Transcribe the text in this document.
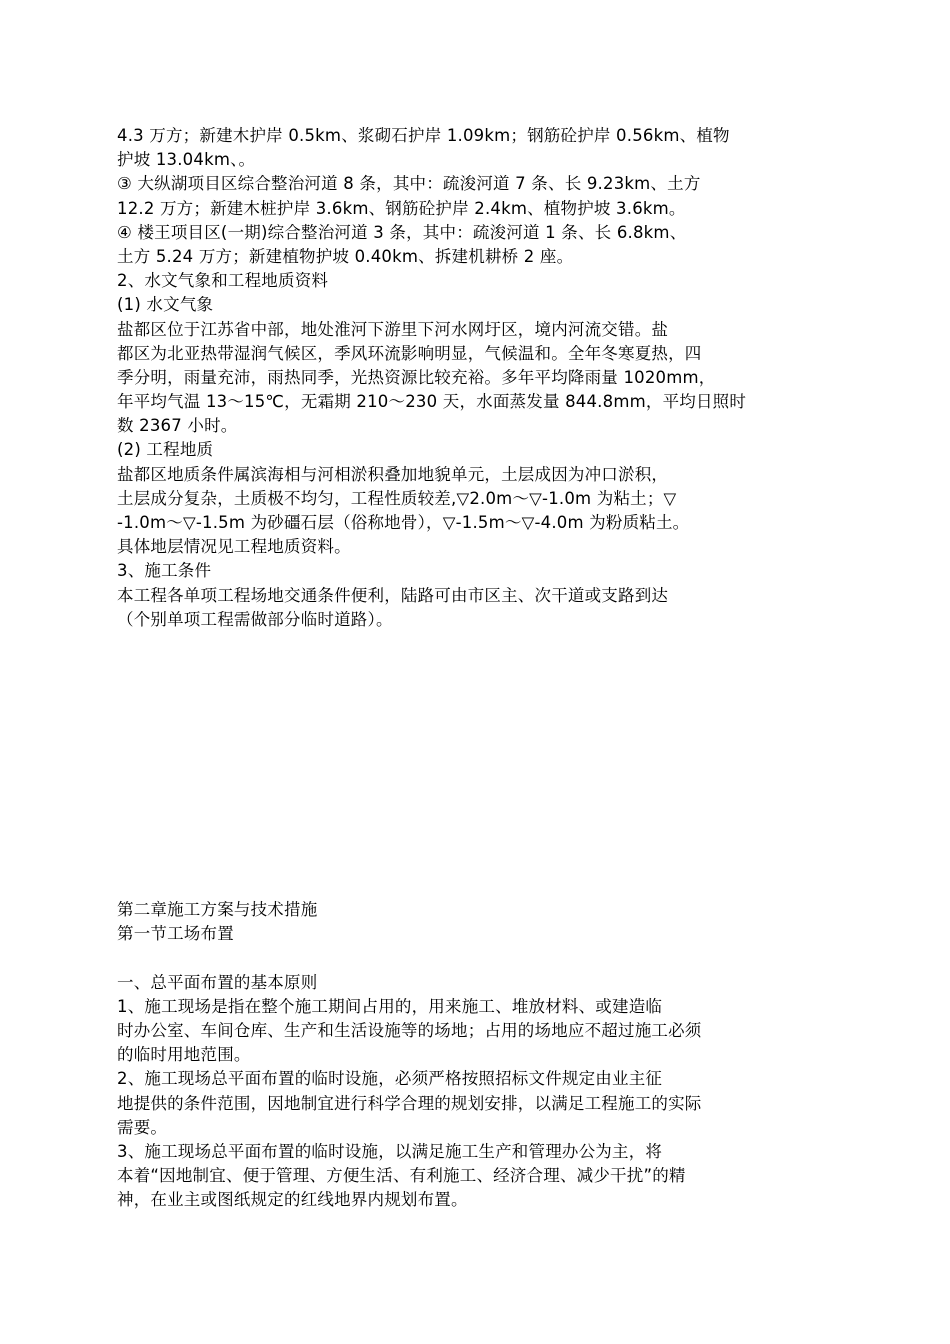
4.3 万方；新建木护岸 0.5km、浆砌石护岸 1.09km；钢筋砼护岸 0.56km、植物
护坡 13.04km、。
③ 大纵湖项目区综合整治河道 8 条，其中：疏浚河道 7 条、长 9.23km、土方
12.2 万方；新建木桩护岸 3.6km、钢筋砼护岸 2.4km、植物护坡 3.6km。
④ 楼王项目区(一期)综合整治河道 3 条，其中：疏浚河道 1 条、长 6.8km、
土方 5.24 万方；新建植物护坡 0.40km、拆建机耕桥 2 座。
2、水文气象和工程地质资料
(1) 水文气象
盐都区位于江苏省中部，地处淮河下游里下河水网圩区，境内河流交错。盐
都区为北亚热带湿润气候区，季风环流影响明显，气候温和。全年冬寒夏热，四
季分明，雨量充沛，雨热同季，光热资源比较充裕。多年平均降雨量 1020mm，
年平均气温 13～15℃，无霜期 210～230 天，水面蒸发量 844.8mm，平均日照时
数 2367 小时。
(2) 工程地质
盐都区地质条件属滨海相与河相淤积叠加地貌单元，土层成因为冲口淤积，
土层成分复杂，土质极不均匀，工程性质较差,▽2.0m～▽-1.0m 为粘土；▽
-1.0m～▽-1.5m 为砂礓石层（俗称地骨），▽-1.5m～▽-4.0m 为粉质粘土。
具体地层情况见工程地质资料。
3、施工条件
本工程各单项工程场地交通条件便利，陆路可由市区主、次干道或支路到达
（个别单项工程需做部分临时道路）。
第二章施工方案与技术措施
第一节工场布置
一、总平面布置的基本原则
1、施工现场是指在整个施工期间占用的，用来施工、堆放材料、或建造临
时办公室、车间仓库、生产和生活设施等的场地；占用的场地应不超过施工必须
的临时用地范围。
2、施工现场总平面布置的临时设施，必须严格按照招标文件规定由业主征
地提供的条件范围，因地制宜进行科学合理的规划安排，以满足工程施工的实际
需要。
3、施工现场总平面布置的临时设施，以满足施工生产和管理办公为主，将
本着“因地制宜、便于管理、方便生活、有利施工、经济合理、减少干扰”的精
神，在业主或图纸规定的红线地界内规划布置。
